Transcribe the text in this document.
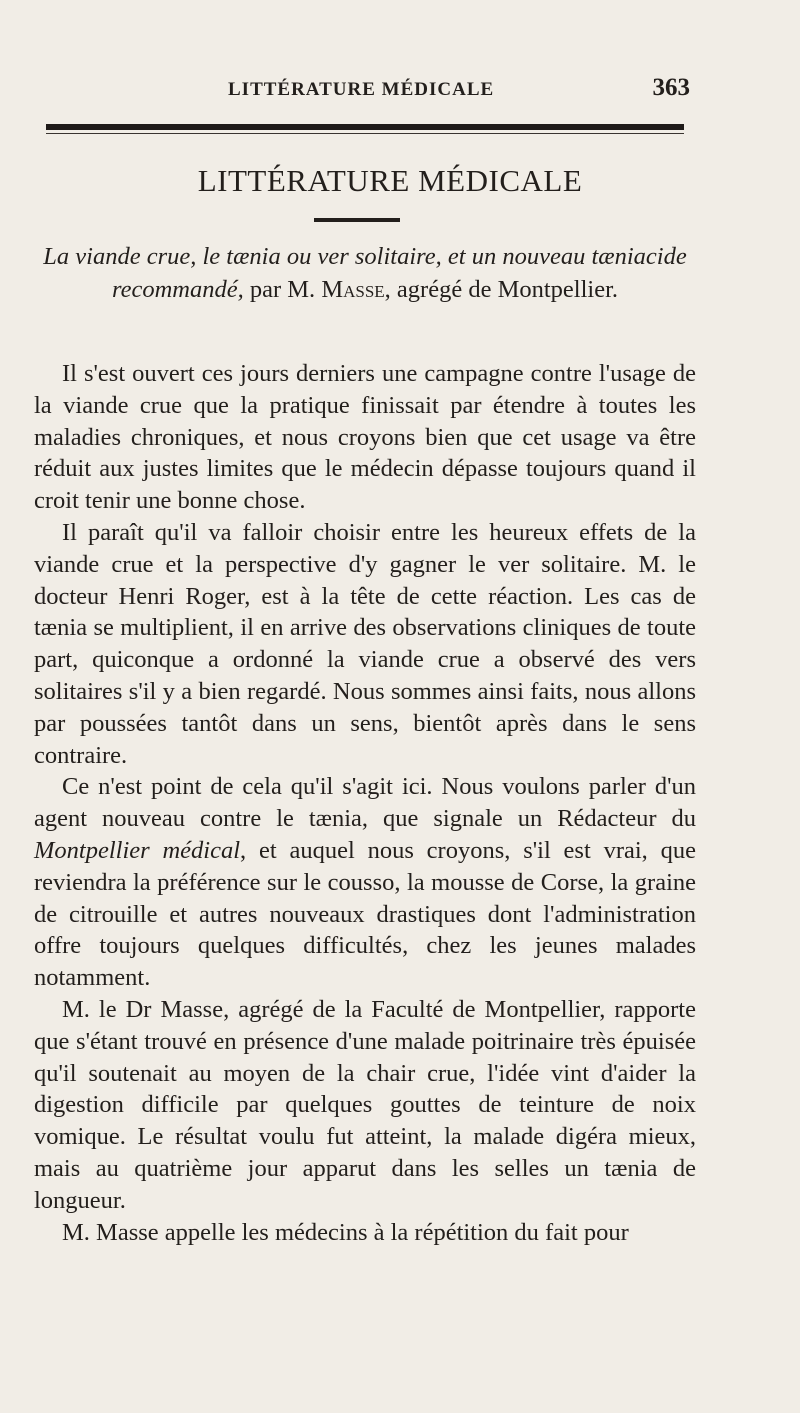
LITTÉRATURE MÉDICALE	363
LITTÉRATURE MÉDICALE
La viande crue, le tænia ou ver solitaire, et un nouveau tæniacide recommandé, par M. Masse, agrégé de Montpellier.

Il s'est ouvert ces jours derniers une campagne contre l'usage de la viande crue que la pratique finissait par étendre à toutes les maladies chroniques, et nous croyons bien que cet usage va être réduit aux justes limites que le médecin dépasse toujours quand il croit tenir une bonne chose.

Il paraît qu'il va falloir choisir entre les heureux effets de la viande crue et la perspective d'y gagner le ver solitaire. M. le docteur Henri Roger, est à la tête de cette réaction. Les cas de tænia se multiplient, il en arrive des observations cliniques de toute part, quiconque a ordonné la viande crue a observé des vers solitaires s'il y a bien regardé. Nous sommes ainsi faits, nous allons par poussées tantôt dans un sens, bientôt après dans le sens contraire.

Ce n'est point de cela qu'il s'agit ici. Nous voulons parler d'un agent nouveau contre le tænia, que signale un Rédacteur du Montpellier médical, et auquel nous croyons, s'il est vrai, que reviendra la préférence sur le cousso, la mousse de Corse, la graine de citrouille et autres nouveaux drastiques dont l'administration offre toujours quelques difficultés, chez les jeunes malades notamment.

M. le Dr Masse, agrégé de la Faculté de Montpellier, rapporte que s'étant trouvé en présence d'une malade poitrinaire très épuisée qu'il soutenait au moyen de la chair crue, l'idée vint d'aider la digestion difficile par quelques gouttes de teinture de noix vomique. Le résultat voulu fut atteint, la malade digéra mieux, mais au quatrième jour apparut dans les selles un tænia de longueur.

M. Masse appelle les médecins à la répétition du fait pour
